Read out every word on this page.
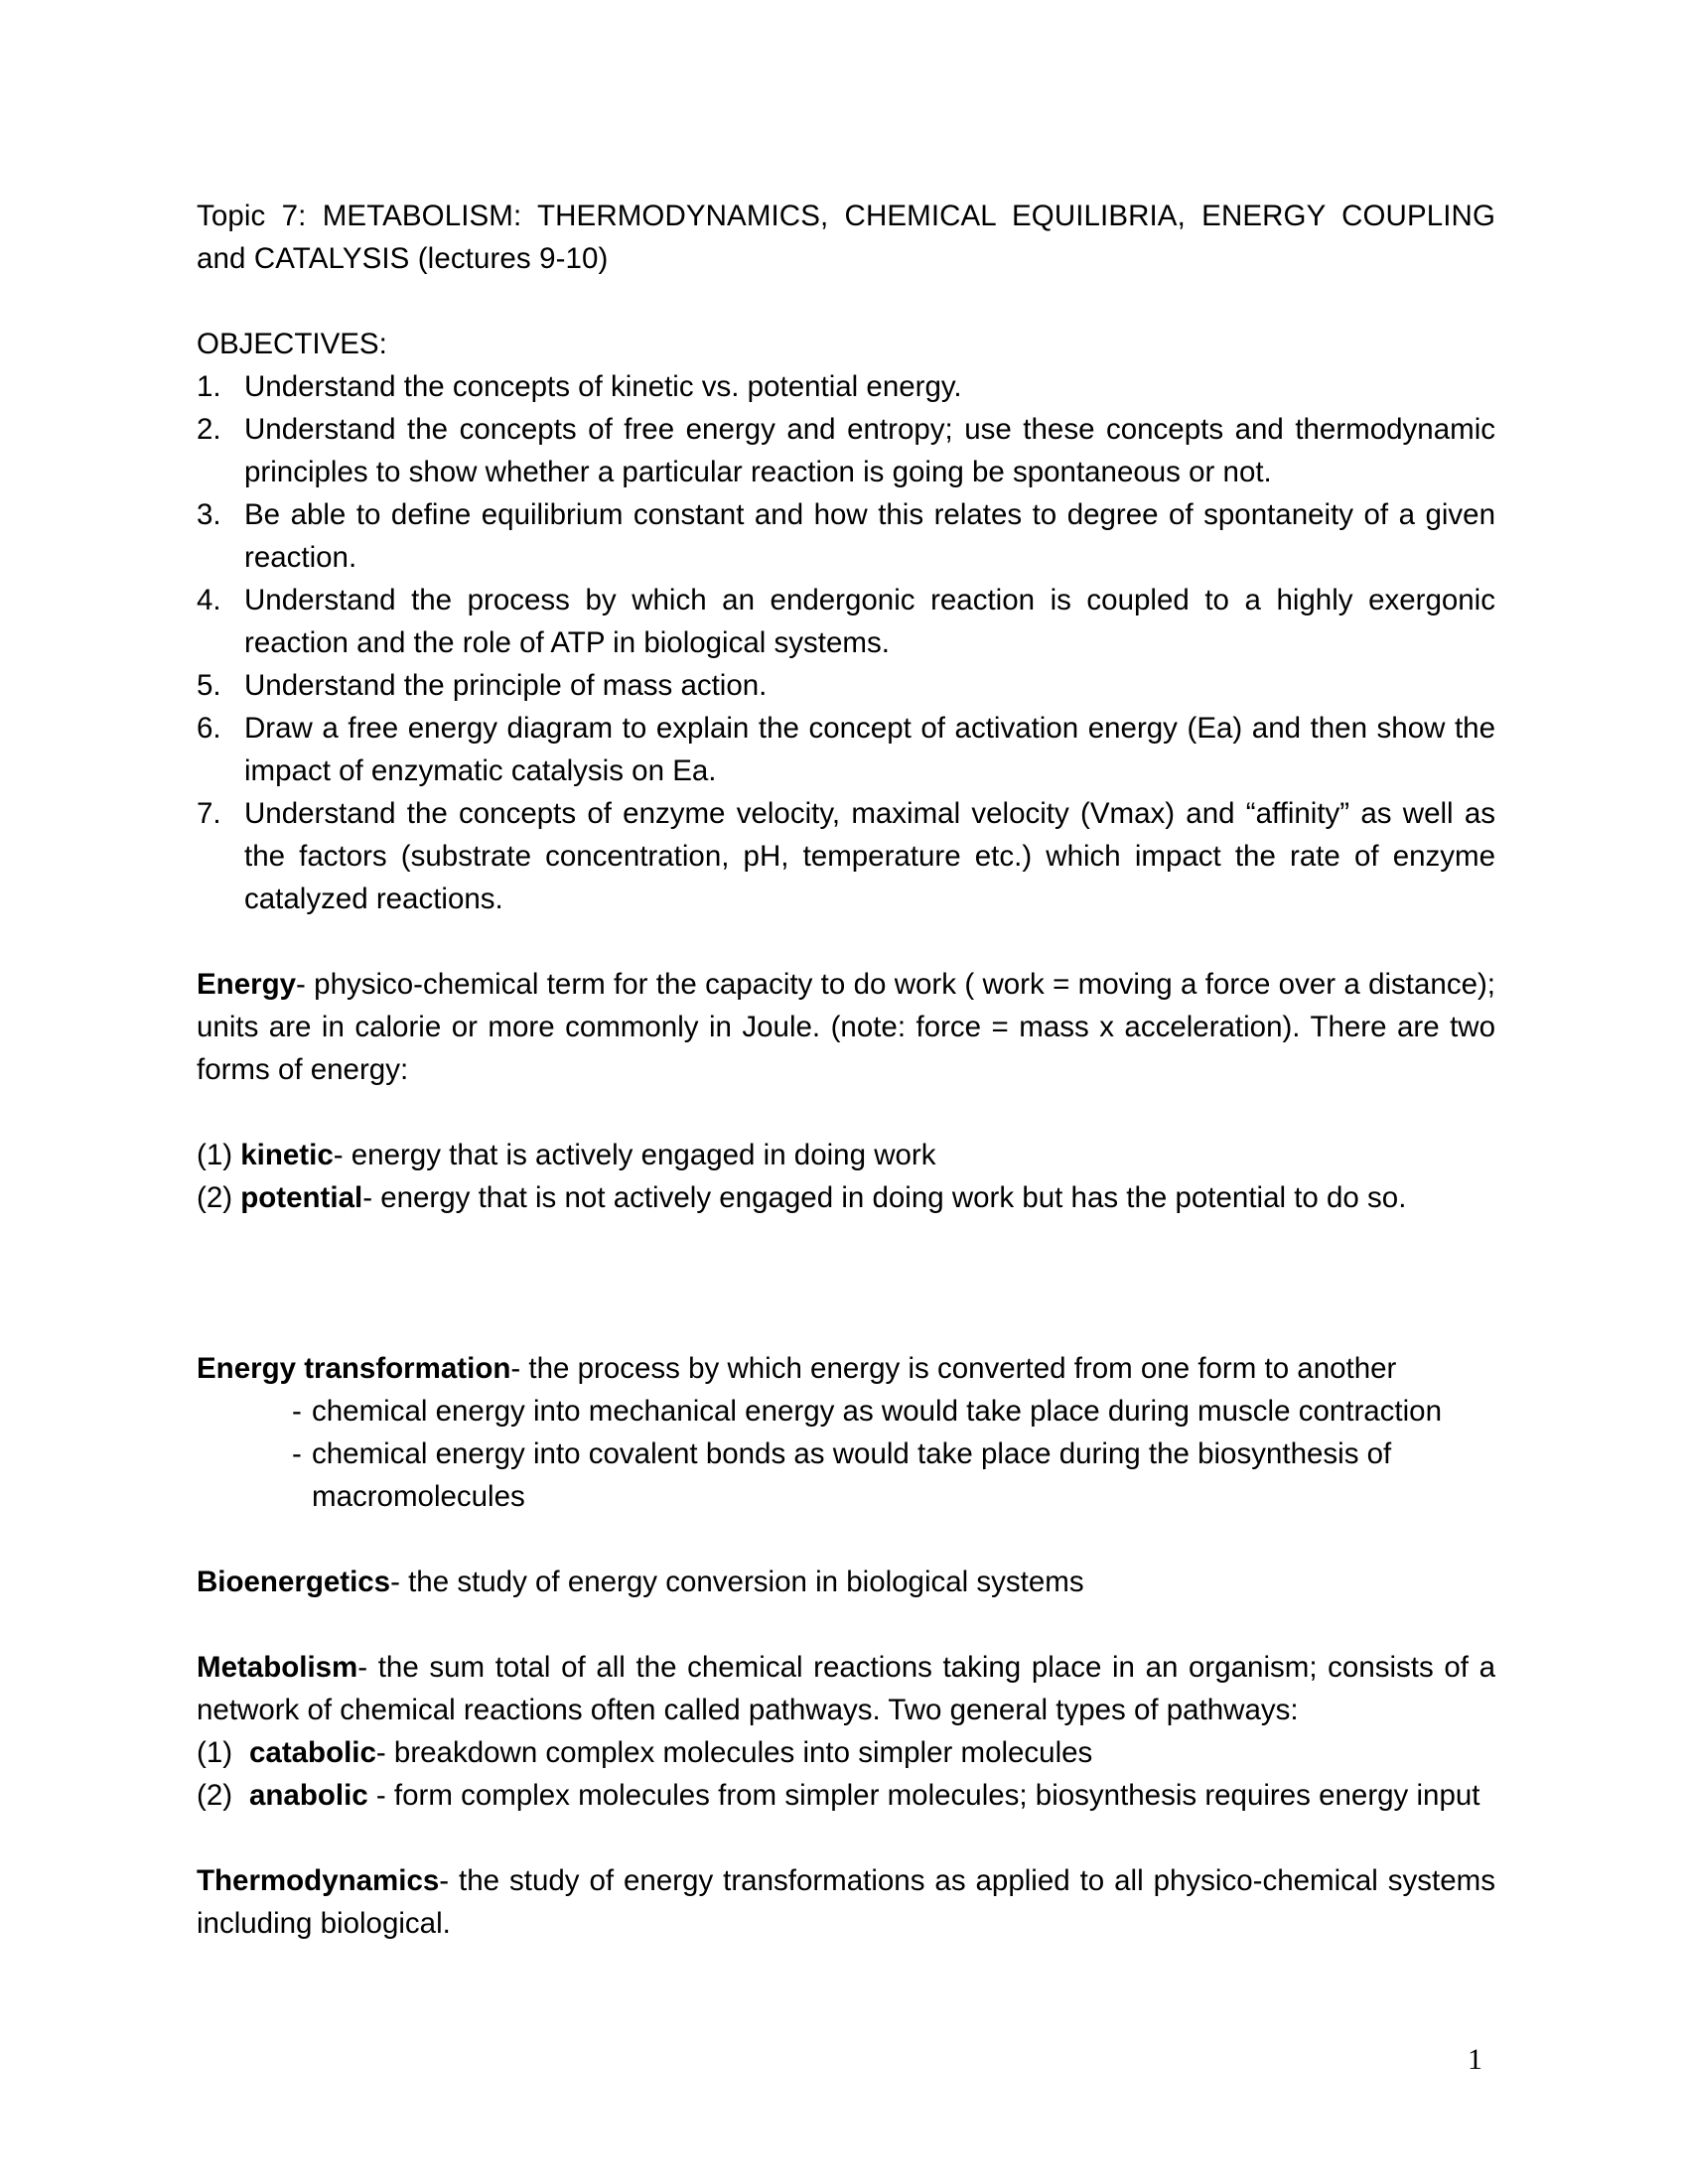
Topic 7: METABOLISM: THERMODYNAMICS, CHEMICAL EQUILIBRIA, ENERGY COUPLING and CATALYSIS (lectures 9-10)
OBJECTIVES:
1. Understand the concepts of kinetic vs. potential energy.
2. Understand the concepts of free energy and entropy; use these concepts and thermodynamic principles to show whether a particular reaction is going be spontaneous or not.
3. Be able to define equilibrium constant and how this relates to degree of spontaneity of a given reaction.
4. Understand the process by which an endergonic reaction is coupled to a highly exergonic reaction and the role of ATP in biological systems.
5. Understand the principle of mass action.
6. Draw a free energy diagram to explain the concept of activation energy (Ea) and then show the impact of enzymatic catalysis on Ea.
7. Understand the concepts of enzyme velocity, maximal velocity (Vmax) and “affinity” as well as the factors (substrate concentration, pH, temperature etc.) which impact the rate of enzyme catalyzed reactions.

Energy- physico-chemical term for the capacity to do work ( work = moving a force over a distance); units are in calorie or more commonly in Joule. (note: force = mass x acceleration). There are two forms of energy:

(1) kinetic- energy that is actively engaged in doing work

(2) potential- energy that is not actively engaged in doing work but has the potential to do so.

Energy transformation- the process by which energy is converted from one form to another

- chemical energy into mechanical energy as would take place during muscle contraction
- chemical energy into covalent bonds as would take place during the biosynthesis of macromolecules

Bioenergetics- the study of energy conversion in biological systems

Metabolism- the sum total of all the chemical reactions taking place in an organism; consists of a network of chemical reactions often called pathways. Two general types of pathways:

(1) catabolic- breakdown complex molecules into simpler molecules
(2) anabolic - form complex molecules from simpler molecules; biosynthesis requires energy input

Thermodynamics- the study of energy transformations as applied to all physico-chemical systems including biological.

1
